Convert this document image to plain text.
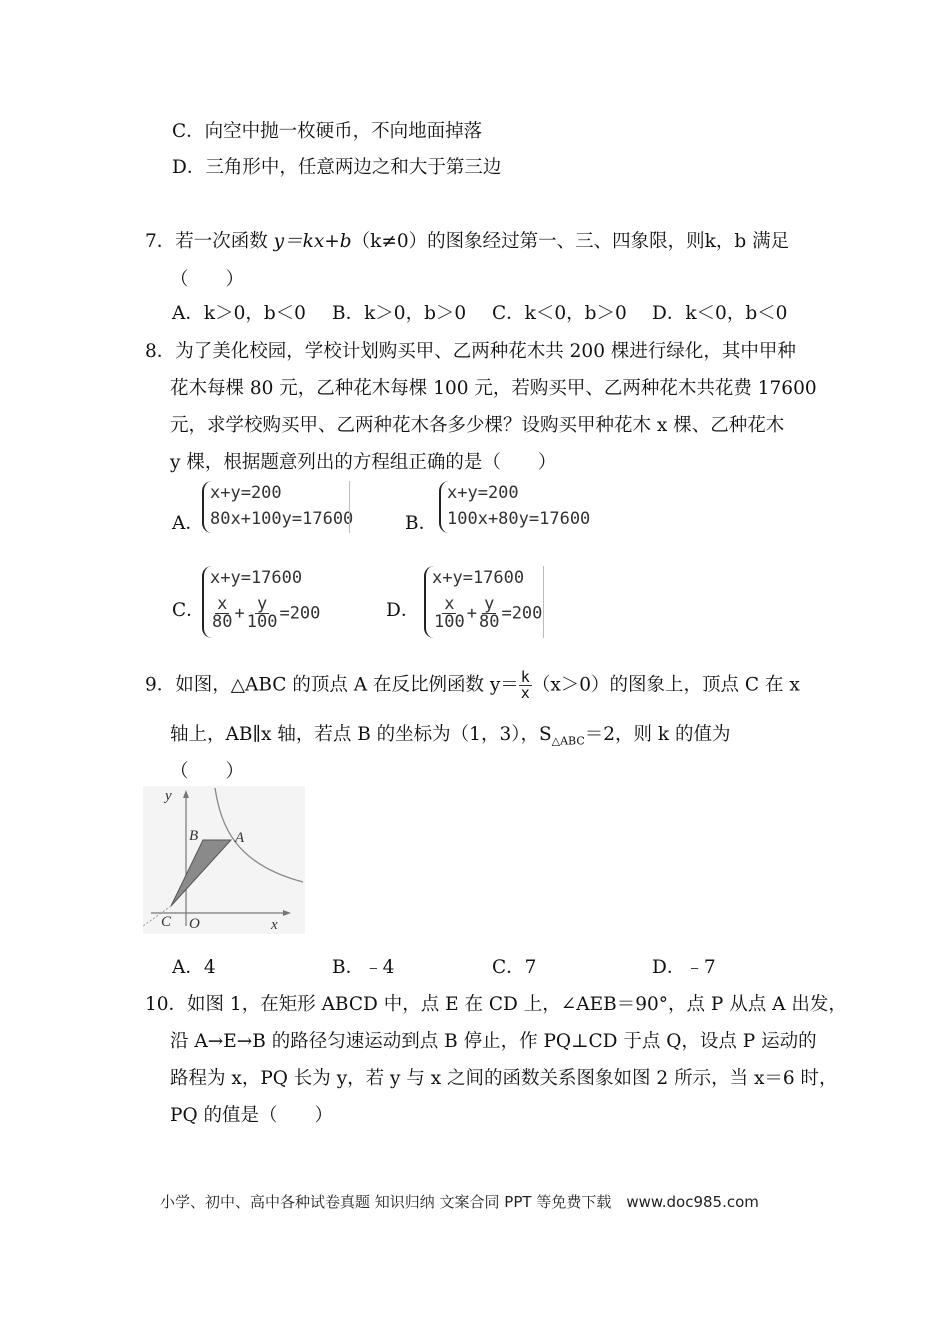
C．向空中抛一枚硬币，不向地面掉落
D．三角形中，任意两边之和大于第三边
7．若一次函数 y＝kx+b（k≠0）的图象经过第一、三、四象限，则k，b 满足
（　　）
A．k＞0，b＜0	B．k＞0，b＞0	C．k＜0，b＞0	D．k＜0，b＜0
8．为了美化校园，学校计划购买甲、乙两种花木共 200 棵进行绿化，其中甲种
花木每棵 80 元，乙种花木每棵 100 元，若购买甲、乙两种花木共花费 17600
元，求学校购买甲、乙两种花木各多少棵？设购买甲种花木 x 棵、乙种花木
y 棵，根据题意列出的方程组正确的是（　　）
A．
x+y=200
80x+100y=17600	B．
x+y=200
100x+80y=17600
C．
x+y=17600
$\frac{x}{80} + \frac{y}{100} =200$	D．
x+y=17600
$\frac{x}{100} + \frac{y}{80} =200$
9．如图，△ABC 的顶点 A 在反比例函数 $y= \frac{k}{x} (x>0)$的图象上，顶点 C 在 x
轴上，AB∥x 轴，若点 B 的坐标为（1，3），$S_{\triangle ABC}=2$，则 k 的值为
（　　）
y
x
O
C
B A
A．4	B．﹣4	C．7	D．﹣7
10．如图 1，在矩形 ABCD 中，点 E 在 CD 上，∠AEB＝90°，点 P 从点 A 出发，
沿 A→E→B 的路径匀速运动到点 B 停止，作 PQ⊥CD 于点 Q，设点 P 运动的
路程为 x，PQ 长为 y，若 y 与 x 之间的函数关系图象如图 2 所示，当 x＝6 时，
PQ 的值是（　　）
小学、初中、高中各种试卷真题 知识归纳 文案合同 PPT 等免费下载　www.doc985.com
